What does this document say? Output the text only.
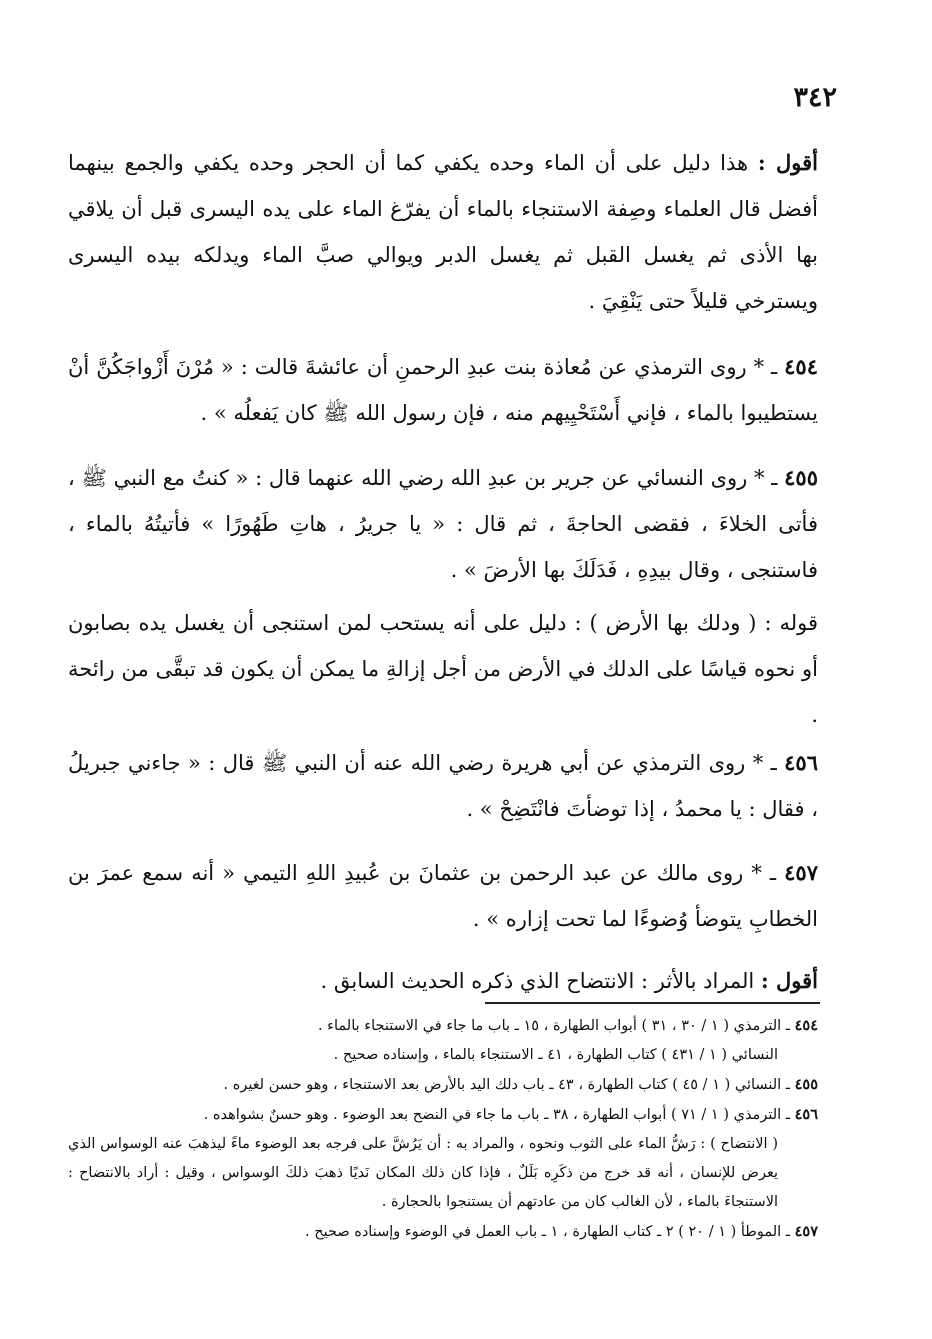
٣٤٢

أقول : هذا دليل على أن الماء وحده يكفي كما أن الحجر وحده يكفي والجمع بينهما أفضل قال العلماء وصِفة الاستنجاء بالماء أن يفرّغ الماء على يده اليسرى قبل أن يلاقي بها الأذى ثم يغسل القبل ثم يغسل الدبر ويوالي صبَّ الماء ويدلكه بيده اليسرى ويسترخي قليلاً حتى يَنْقِيَ .

٤٥٤ ـ * روى الترمذي عن مُعاذة بنت عبدِ الرحمنِ أن عائشةَ قالت : « مُرْنَ أَزْواجَكُنَّ أنْ يستطيبوا بالماء ، فإني أَسْتَحْيِيهم منه ، فإن رسول الله ﷺ كان يَفعلُه » .

٤٥٥ ـ * روى النسائي عن جرير بن عبدِ الله رضي الله عنهما قال : « كنتُ مع النبي ﷺ ، فأتى الخلاءَ ، فقضى الحاجةَ ، ثم قال : « يا جريرُ ، هاتِ طَهُورًا » فأتيتُهُ بالماء ، فاستنجى ، وقال بيدِهِ ، فَدَلَكَ بها الأرضَ » .

قوله : ( ودلك بها الأرض ) : دليل على أنه يستحب لمن استنجى أن يغسل يده بصابون أو نحوه قياسًا على الدلك في الأرض من أجل إزالةِ ما يمكن أن يكون قد تبقَّى من رائحة .

٤٥٦ ـ * روى الترمذي عن أبي هريرة رضي الله عنه أن النبي ﷺ قال : « جاءني جبريلُ ، فقال : يا محمدُ ، إذا توضأتَ فانْتَضِحْ » .

٤٥٧ ـ * روى مالك عن عبد الرحمن بن عثمانَ بن عُبيدِ اللهِ التيمي « أنه سمع عمرَ بن الخطابِ يتوضأ وُضوءًا لما تحت إزاره » .

أقول : المراد بالأثر : الانتضاح الذي ذكره الحديث السابق .

٤٥٤ ـ الترمذي ( ١ / ٣٠ ، ٣١ ) أبواب الطهارة ، ١٥ ـ باب ما جاء في الاستنجاء بالماء .

النسائي ( ١ / ٤٣١ ) كتاب الطهارة ، ٤١ ـ الاستنجاء بالماء ، وإسناده صحيح .

٤٥٥ ـ النسائي ( ١ / ٤٥ ) كتاب الطهارة ، ٤٣ ـ باب دلك اليد بالأرض بعد الاستنجاء ، وهو حسن لغيره .

٤٥٦ ـ الترمذي ( ١ / ٧١ ) أبواب الطهارة ، ٣٨ ـ باب ما جاء في النضح بعد الوضوء . وهو حسنٌ بشواهده .

( الانتضاح ) : رَشُّ الماء على الثوب ونحوه ، والمراد به : أن يَرُشَّ على فرجه بعد الوضوء ماءً ليذهبَ عنه الوسواس الذي يعرض للإنسان ، أنه قد خرج من ذكَرِه بَلَلٌ ، فإذا كان ذلك المكان نَديًا ذهبَ ذلكَ الوسواس ، وقيل : أراد بالانتضاح : الاستنجاءَ بالماء ، لأن الغالب كان من عادتهم أن يستنجوا بالحجارة .

٤٥٧ ـ الموطأ ( ١ / ٢٠ ) ٢ ـ كتاب الطهارة ، ١ ـ باب العمل في الوضوء وإسناده صحيح .
